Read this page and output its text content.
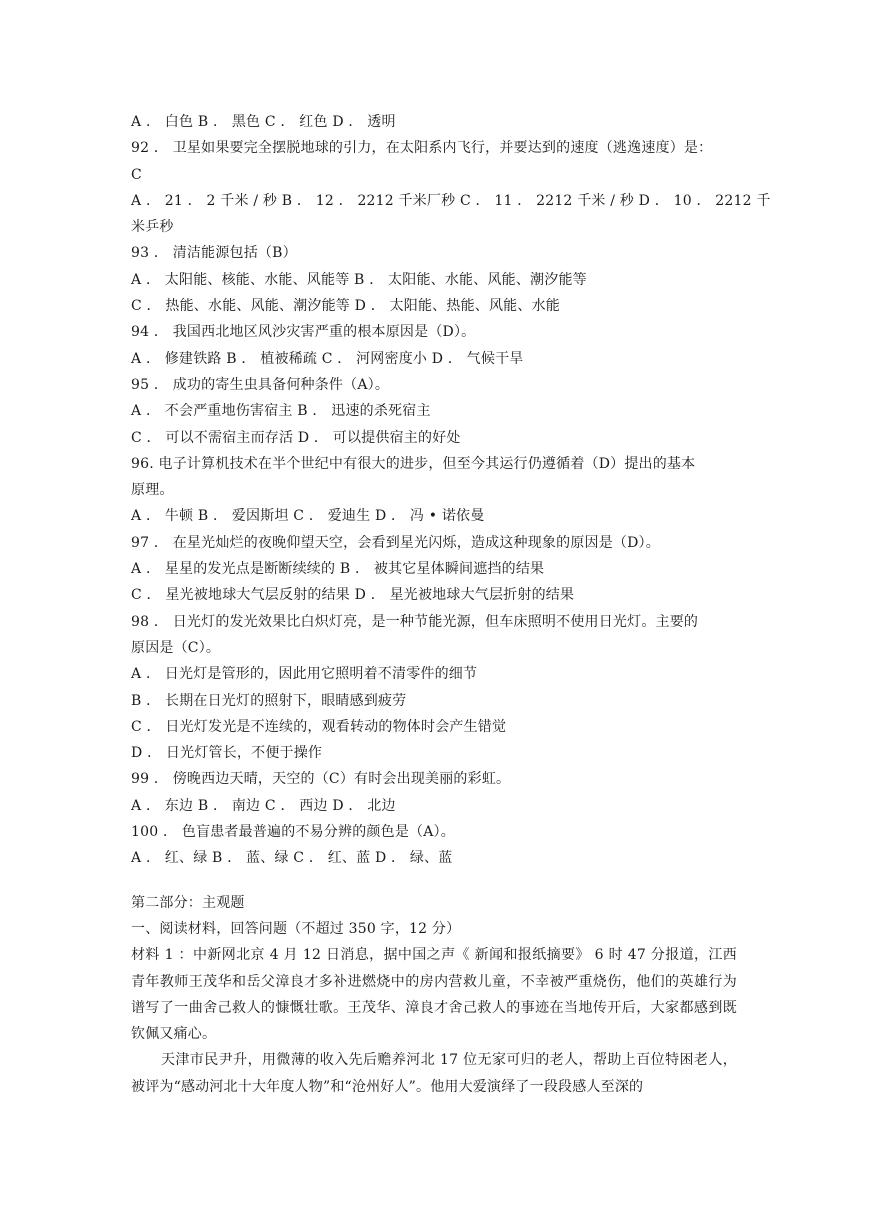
A ． 白色 B ． 黑色 C ． 红色 D ． 透明
92 ． 卫星如果要完全摆脱地球的引力，在太阳系内飞行，并要达到的速度（逃逸速度）是：
C
A ． 21 ． 2 千米 / 秒 B ． 12 ． 2212 千米厂秒 C ． 11 ． 2212 千米 / 秒 D ． 10 ． 2212 千
米乒秒
93 ． 清洁能源包括（B）
A ． 太阳能、核能、水能、风能等 B ． 太阳能、水能、风能、潮汐能等
C ． 热能、水能、风能、潮汐能等 D ． 太阳能、热能、风能、水能
94 ． 我国西北地区风沙灾害严重的根本原因是（D）。
A ． 修建铁路 B ． 植被稀疏 C ． 河网密度小 D ． 气候干旱
95 ． 成功的寄生虫具备何种条件（A）。
A ． 不会严重地伤害宿主 B ． 迅速的杀死宿主
C ． 可以不需宿主而存活 D ． 可以提供宿主的好处
96. 电子计算机技术在半个世纪中有很大的进步，但至今其运行仍遵循着（D）提出的基本
原理。
A ． 牛顿 B ． 爱因斯坦 C ． 爱迪生 D ． 冯 • 诺依曼
97 ． 在星光灿烂的夜晚仰望天空，会看到星光闪烁，造成这种现象的原因是（D）。
A ． 星星的发光点是断断续续的 B ． 被其它星体瞬间遮挡的结果
C ． 星光被地球大气层反射的结果 D ． 星光被地球大气层折射的结果
98 ． 日光灯的发光效果比白炽灯亮，是一种节能光源，但车床照明不使用日光灯。主要的
原因是（C）。
A ． 日光灯是管形的，因此用它照明着不清零件的细节
B ． 长期在日光灯的照射下，眼睛感到疲劳
C ． 日光灯发光是不连续的，观看转动的物体时会产生错觉
D ． 日光灯管长，不便于操作
99 ． 傍晚西边天晴，天空的（C）有时会出现美丽的彩虹。
A ． 东边 B ． 南边 C ． 西边 D ． 北边
100 ． 色盲患者最普遍的不易分辨的颜色是（A）。
A ． 红、绿 B ． 蓝、绿 C ． 红、蓝 D ． 绿、蓝
第二部分：主观题
一、阅读材料，回答问题（不超过 350 字，12 分）

材料 1 ：中新网北京 4 月 12 日消息，据中国之声《 新闻和报纸摘要》 6 时 47 分报道，江西青年教师王茂华和岳父漳良才多补进燃烧中的房内营救儿童，不幸被严重烧伤，他们的英雄行为谱写了一曲舍己救人的慷慨壮歌。王茂华、漳良才舍己救人的事迹在当地传开后，大家都感到既钦佩又痛心。

天津市民尹升，用微薄的收入先后赡养河北 17 位无家可归的老人，帮助上百位特困老人，被评为“感动河北十大年度人物”和“沧州好人”。他用大爱演绎了一段段感人至深的
